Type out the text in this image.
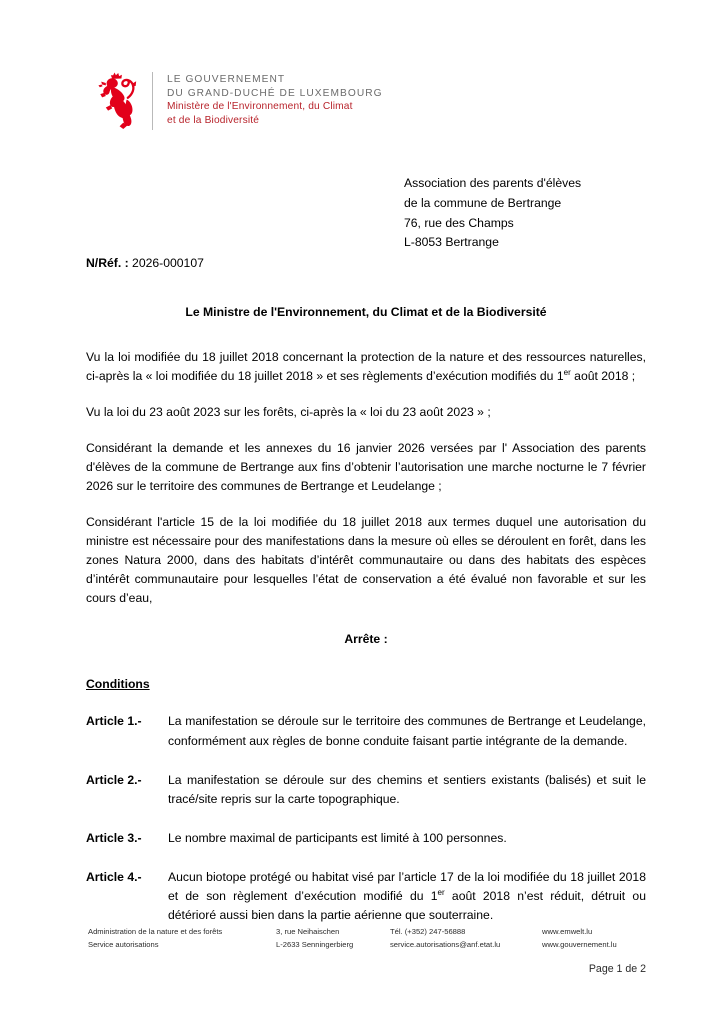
LE GOUVERNEMENT
DU GRAND-DUCHÉ DE LUXEMBOURG
Ministère de l'Environnement, du Climat
et de la Biodiversité
Association des parents d'élèves
de la commune de Bertrange
76, rue des Champs
L-8053 Bertrange

N/Réf. : 2026-000107

Le Ministre de l'Environnement, du Climat et de la Biodiversité

Vu la loi modifiée du 18 juillet 2018 concernant la protection de la nature et des ressources naturelles, ci-après la « loi modifiée du 18 juillet 2018 » et ses règlements d’exécution modifiés du 1er août 2018 ;

Vu la loi du 23 août 2023 sur les forêts, ci-après la « loi du 23 août 2023 » ;

Considérant la demande et les annexes du 16 janvier 2026 versées par l' Association des parents d'élèves de la commune de Bertrange aux fins d’obtenir l’autorisation une marche nocturne le 7 février 2026 sur le territoire des communes de Bertrange et Leudelange ;

Considérant l'article 15 de la loi modifiée du 18 juillet 2018 aux termes duquel une autorisation du ministre est nécessaire pour des manifestations dans la mesure où elles se déroulent en forêt, dans les zones Natura 2000, dans des habitats d’intérêt communautaire ou dans des habitats des espèces d’intérêt communautaire pour lesquelles l’état de conservation a été évalué non favorable et sur les cours d’eau,

Arrête :

Conditions

Article 1.-	La manifestation se déroule sur le territoire des communes de Bertrange et Leudelange, conformément aux règles de bonne conduite faisant partie intégrante de la demande.
Article 2.-	La manifestation se déroule sur des chemins et sentiers existants (balisés) et suit le tracé/site repris sur la carte topographique.
Article 3.-	Le nombre maximal de participants est limité à 100 personnes.
Article 4.-	Aucun biotope protégé ou habitat visé par l’article 17 de la loi modifiée du 18 juillet 2018 et de son règlement d’exécution modifié du 1er août 2018 n’est réduit, détruit ou détérioré aussi bien dans la partie aérienne que souterraine.
Administration de la nature et des forêts
Service autorisations
3, rue Neihaischen
L-2633 Senningerbierg
Tél. (+352) 247-56888
service.autorisations@anf.etat.lu
www.emwelt.lu
www.gouvernement.lu
Page 1 de 2
